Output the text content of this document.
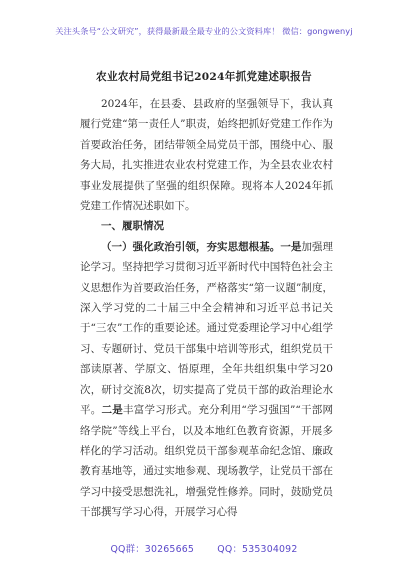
关注头条号“公文研究”，获得最新最全最专业的公文资料库！ 微信：gongwenyj
农业农村局党组书记2024年抓党建述职报告

2024年，在县委、县政府的坚强领导下，我认真履行党建“第一责任人”职责，始终把抓好党建工作作为首要政治任务，团结带领全局党员干部，围绕中心、服务大局，扎实推进农业农村党建工作，为全县农业农村事业发展提供了坚强的组织保障。现将本人2024年抓党建工作情况述职如下。

一、履职情况

（一）强化政治引领，夯实思想根基。一是加强理论学习。坚持把学习贯彻习近平新时代中国特色社会主义思想作为首要政治任务，严格落实“第一议题”制度，深入学习党的二十届三中全会精神和习近平总书记关于“三农”工作的重要论述。通过党委理论学习中心组学习、专题研讨、党员干部集中培训等形式，组织党员干部读原著、学原文、悟原理，全年共组织集中学习20次，研讨交流8次，切实提高了党员干部的政治理论水平。二是丰富学习形式。充分利用“学习强国”“干部网络学院”等线上平台，以及本地红色教育资源，开展多样化的学习活动。组织党员干部参观革命纪念馆、廉政教育基地等，通过实地参观、现场教学，让党员干部在学习中接受思想洗礼，增强党性修养。同时，鼓励党员干部撰写学习心得，开展学习心得

QQ群：30265665 QQ：535304092
